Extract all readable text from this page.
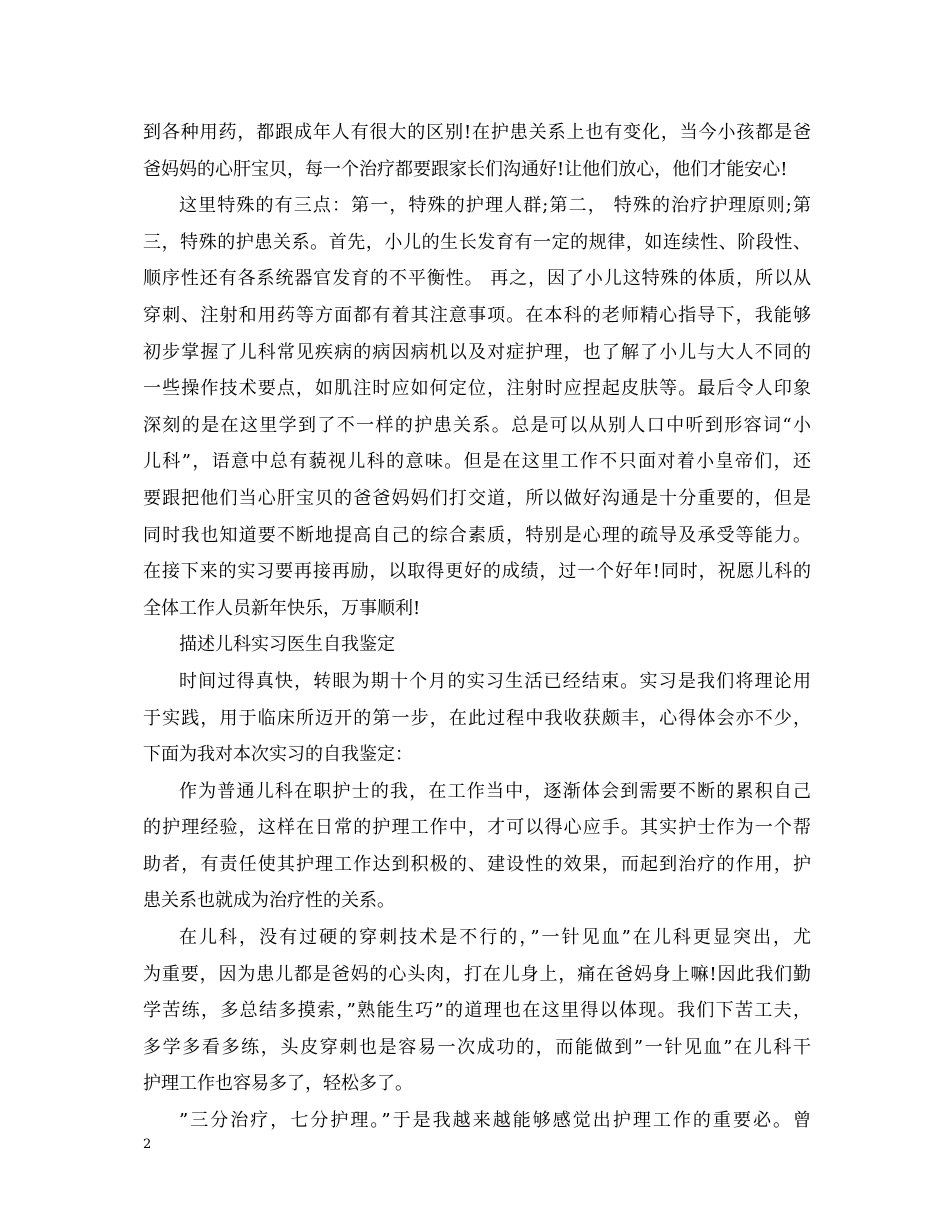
到各种用药，都跟成年人有很大的区别!在护患关系上也有变化，当今小孩都是爸
爸妈妈的心肝宝贝，每一个治疗都要跟家长们沟通好!让他们放心，他们才能安心!
这里特殊的有三点：第一，特殊的护理人群;第二， 特殊的治疗护理原则;第
三，特殊的护患关系。首先，小儿的生长发育有一定的规律，如连续性、阶段性、
顺序性还有各系统器官发育的不平衡性。 再之，因了小儿这特殊的体质，所以从
穿刺、注射和用药等方面都有着其注意事项。在本科的老师精心指导下，我能够
初步掌握了儿科常见疾病的病因病机以及对症护理，也了解了小儿与大人不同的
一些操作技术要点，如肌注时应如何定位，注射时应捏起皮肤等。最后令人印象
深刻的是在这里学到了不一样的护患关系。总是可以从别人口中听到形容词“小
儿科”，语意中总有藐视儿科的意味。但是在这里工作不只面对着小皇帝们，还
要跟把他们当心肝宝贝的爸爸妈妈们打交道，所以做好沟通是十分重要的，但是
同时我也知道要不断地提高自己的综合素质，特别是心理的疏导及承受等能力。
在接下来的实习要再接再励，以取得更好的成绩，过一个好年!同时，祝愿儿科的
全体工作人员新年快乐，万事顺利!
描述儿科实习医生自我鉴定
时间过得真快，转眼为期十个月的实习生活已经结束。实习是我们将理论用
于实践，用于临床所迈开的第一步，在此过程中我收获颇丰，心得体会亦不少，
下面为我对本次实习的自我鉴定：
作为普通儿科在职护士的我，在工作当中，逐渐体会到需要不断的累积自己
的护理经验，这样在日常的护理工作中，才可以得心应手。其实护士作为一个帮
助者，有责任使其护理工作达到积极的、建设性的效果，而起到治疗的作用，护
患关系也就成为治疗性的关系。
在儿科，没有过硬的穿刺技术是不行的，”一针见血”在儿科更显突出，尤
为重要，因为患儿都是爸妈的心头肉，打在儿身上，痛在爸妈身上嘛!因此我们勤
学苦练，多总结多摸索，”熟能生巧”的道理也在这里得以体现。我们下苦工夫，
多学多看多练，头皮穿刺也是容易一次成功的，而能做到”一针见血”在儿科干
护理工作也容易多了，轻松多了。
”三分治疗，七分护理。”于是我越来越能够感觉出护理工作的重要必。曾
2
